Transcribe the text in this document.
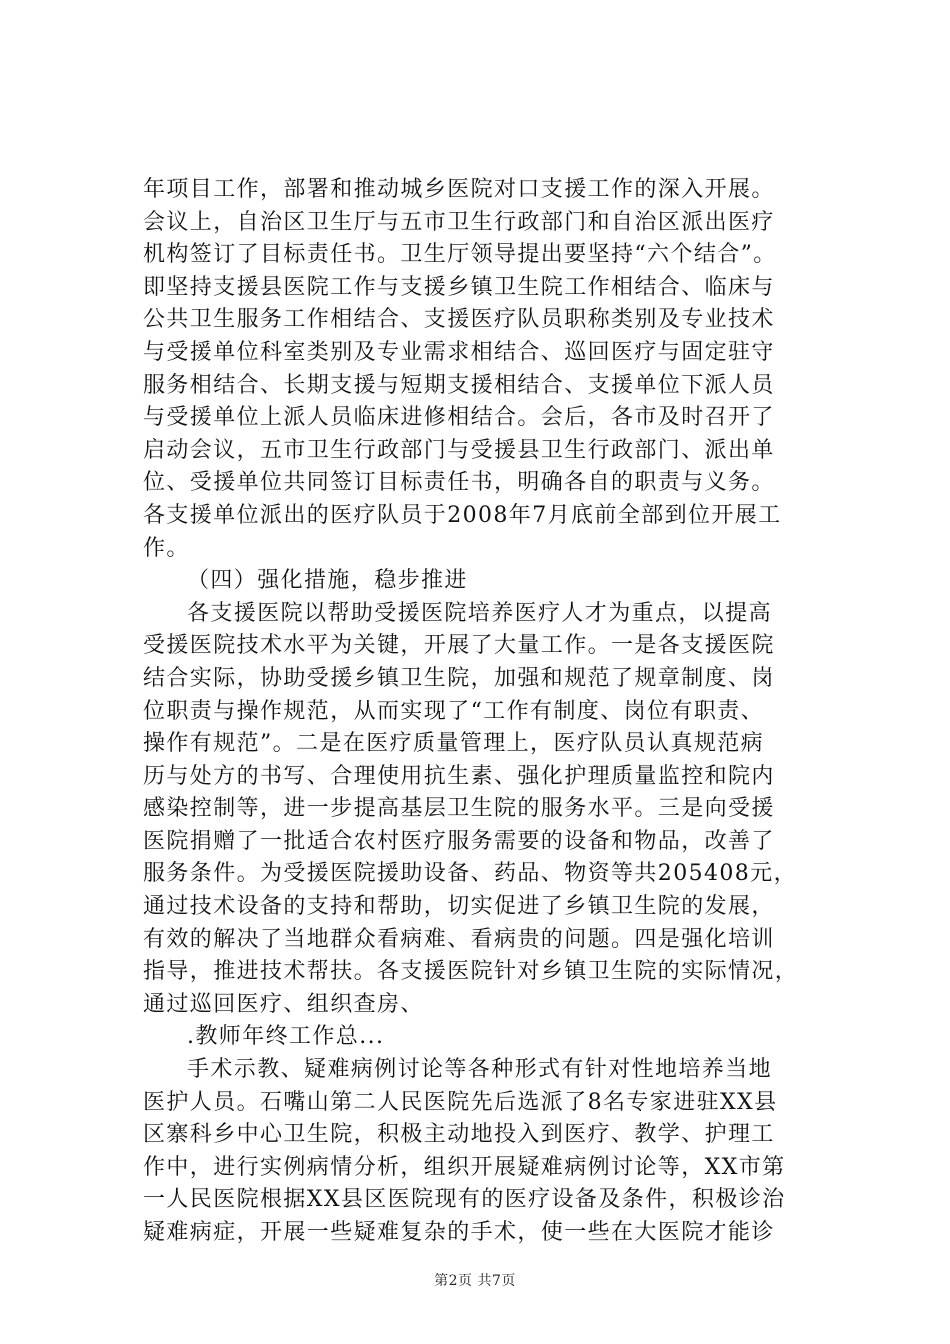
年项目工作，部署和推动城乡医院对口支援工作的深入开展。
会议上，自治区卫生厅与五市卫生行政部门和自治区派出医疗
机构签订了目标责任书。卫生厅领导提出要坚持“六个结合”。
即坚持支援县医院工作与支援乡镇卫生院工作相结合、临床与
公共卫生服务工作相结合、支援医疗队员职称类别及专业技术
与受援单位科室类别及专业需求相结合、巡回医疗与固定驻守
服务相结合、长期支援与短期支援相结合、支援单位下派人员
与受援单位上派人员临床进修相结合。会后，各市及时召开了
启动会议，五市卫生行政部门与受援县卫生行政部门、派出单
位、受援单位共同签订目标责任书，明确各自的职责与义务。
各支援单位派出的医疗队员于2008年7月底前全部到位开展工
作。
（四）强化措施，稳步推进
各支援医院以帮助受援医院培养医疗人才为重点，以提高
受援医院技术水平为关键，开展了大量工作。一是各支援医院
结合实际，协助受援乡镇卫生院，加强和规范了规章制度、岗
位职责与操作规范，从而实现了“工作有制度、岗位有职责、
操作有规范”。二是在医疗质量管理上，医疗队员认真规范病
历与处方的书写、合理使用抗生素、强化护理质量监控和院内
感染控制等，进一步提高基层卫生院的服务水平。三是向受援
医院捐赠了一批适合农村医疗服务需要的设备和物品，改善了
服务条件。为受援医院援助设备、药品、物资等共205408元，
通过技术设备的支持和帮助，切实促进了乡镇卫生院的发展，
有效的解决了当地群众看病难、看病贵的问题。四是强化培训
指导，推进技术帮扶。各支援医院针对乡镇卫生院的实际情况，
通过巡回医疗、组织查房、
.教师年终工作总...
手术示教、疑难病例讨论等各种形式有针对性地培养当地
医护人员。石嘴山第二人民医院先后选派了8名专家进驻XX县
区寨科乡中心卫生院，积极主动地投入到医疗、教学、护理工
作中，进行实例病情分析，组织开展疑难病例讨论等，XX市第
一人民医院根据XX县区医院现有的医疗设备及条件，积极诊治
疑难病症，开展一些疑难复杂的手术，使一些在大医院才能诊
第2页 共7页
